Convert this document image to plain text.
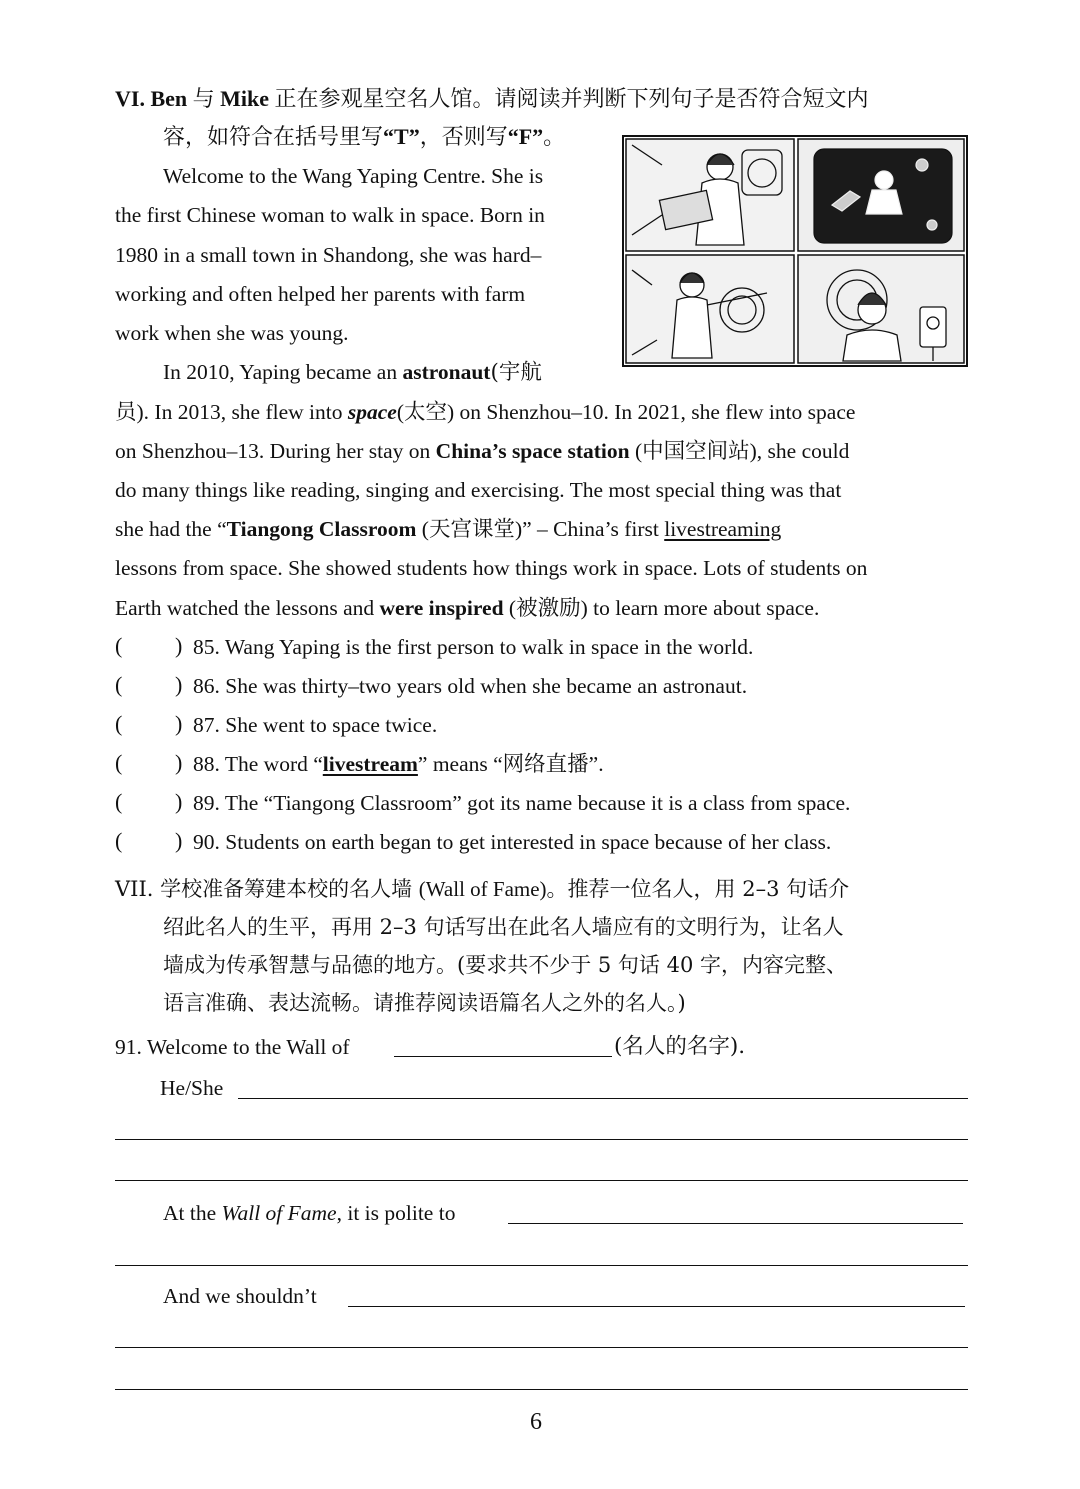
VI. Ben 与 Mike 正在参观星空名人馆。请阅读并判断下列句子是否符合短文内
容，如符合在括号里写“T”，否则写“F”。
Welcome to the Wang Yaping Centre. She is
the first Chinese woman to walk in space. Born in
1980 in a small town in Shandong, she was hard–
working and often helped her parents with farm
work when she was young.
In 2010, Yaping became an astronaut(宇航
员). In 2013, she flew into space(太空) on Shenzhou–10. In 2021, she flew into space
on Shenzhou–13. During her stay on China’s space station (中国空间站), she could
do many things like reading, singing and exercising. The most special thing was that
she had the “Tiangong Classroom (天宫课堂)” – China’s first livestreaming
lessons from space. She showed students how things work in space. Lots of students on
Earth watched the lessons and were inspired (被激励) to learn more about space.
( ) 85. Wang Yaping is the first person to walk in space in the world.
( ) 86. She was thirty–two years old when she became an astronaut.
( ) 87. She went to space twice.
( ) 88. The word “livestream” means “网络直播”.
( ) 89. The “Tiangong Classroom” got its name because it is a class from space.
( ) 90. Students on earth began to get interested in space because of her class.
VII. 学校准备筹建本校的名人墙 (Wall of Fame)。推荐一位名人，用 2–3 句话介
绍此名人的生平，再用 2–3 句话写出在此名人墙应有的文明行为，让名人
墙成为传承智慧与品德的地方。(要求共不少于 5 句话 40 字，内容完整、
语言准确、表达流畅。请推荐阅读语篇名人之外的名人。)
91. Welcome to the Wall of	(名人的名字).
He/She
At the Wall of Fame, it is polite to
And we shouldn’t
6
